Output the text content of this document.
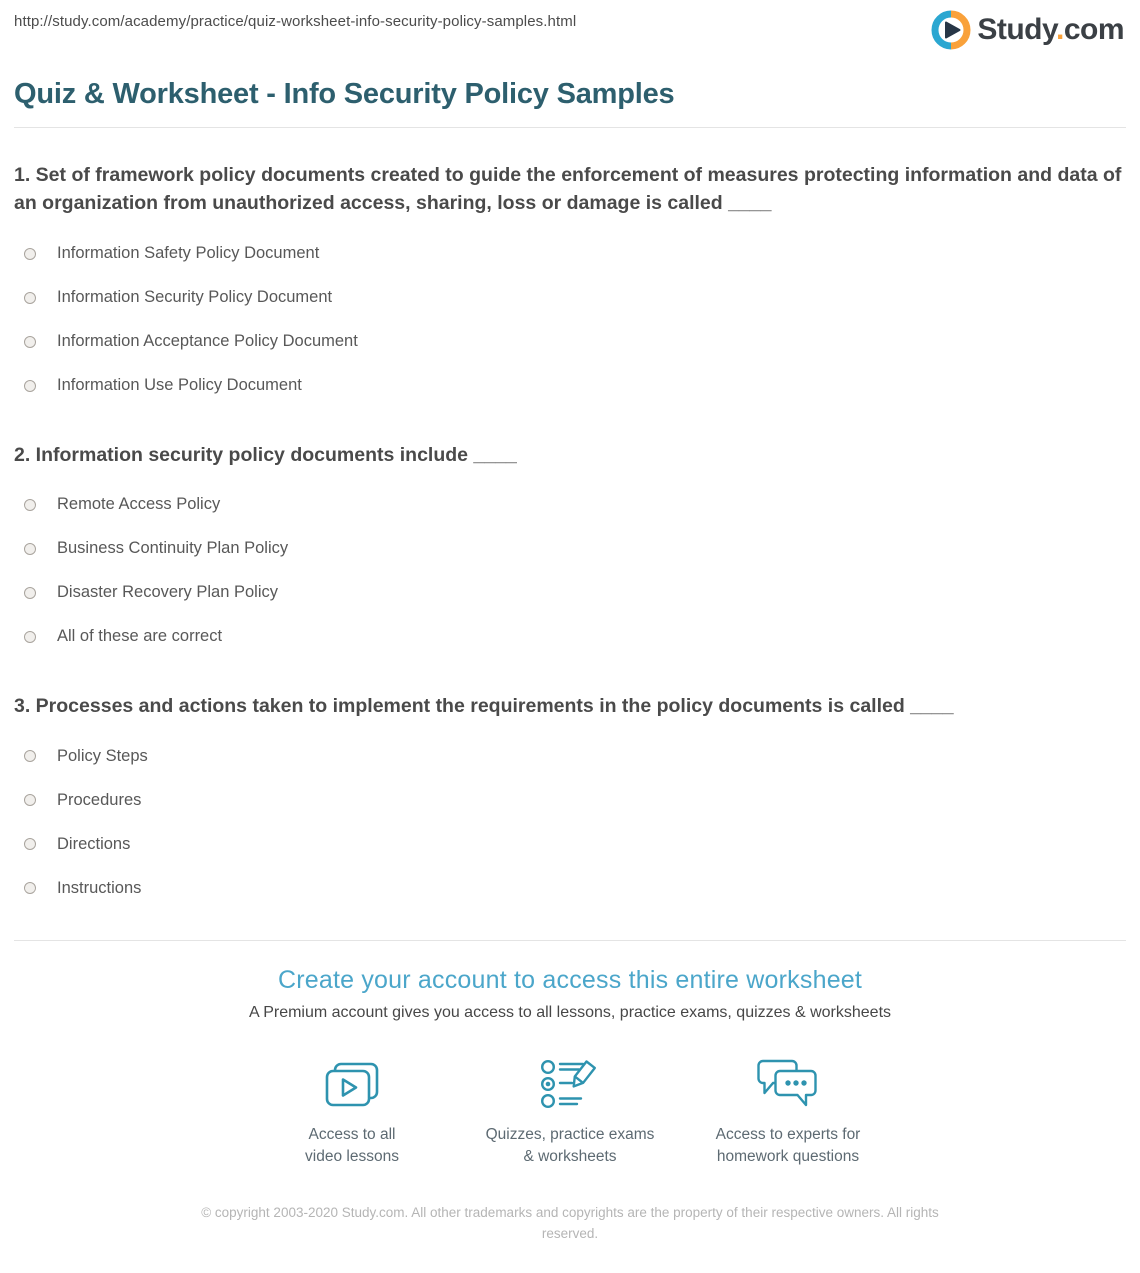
http://study.com/academy/practice/quiz-worksheet-info-security-policy-samples.html	Study.com
Quiz & Worksheet - Info Security Policy Samples
1. Set of framework policy documents created to guide the enforcement of measures protecting information and data of an organization from unauthorized access, sharing, loss or damage is called ____
Information Safety Policy Document
Information Security Policy Document
Information Acceptance Policy Document
Information Use Policy Document
2. Information security policy documents include ____
Remote Access Policy
Business Continuity Plan Policy
Disaster Recovery Plan Policy
All of these are correct
3. Processes and actions taken to implement the requirements in the policy documents is called ____
Policy Steps
Procedures
Directions
Instructions
Create your account to access this entire worksheet
A Premium account gives you access to all lessons, practice exams, quizzes & worksheets
Access to all
video lessons
Quizzes, practice exams
& worksheets
Access to experts for
homework questions
© copyright 2003-2020 Study.com. All other trademarks and copyrights are the property of their respective owners. All rights reserved.
